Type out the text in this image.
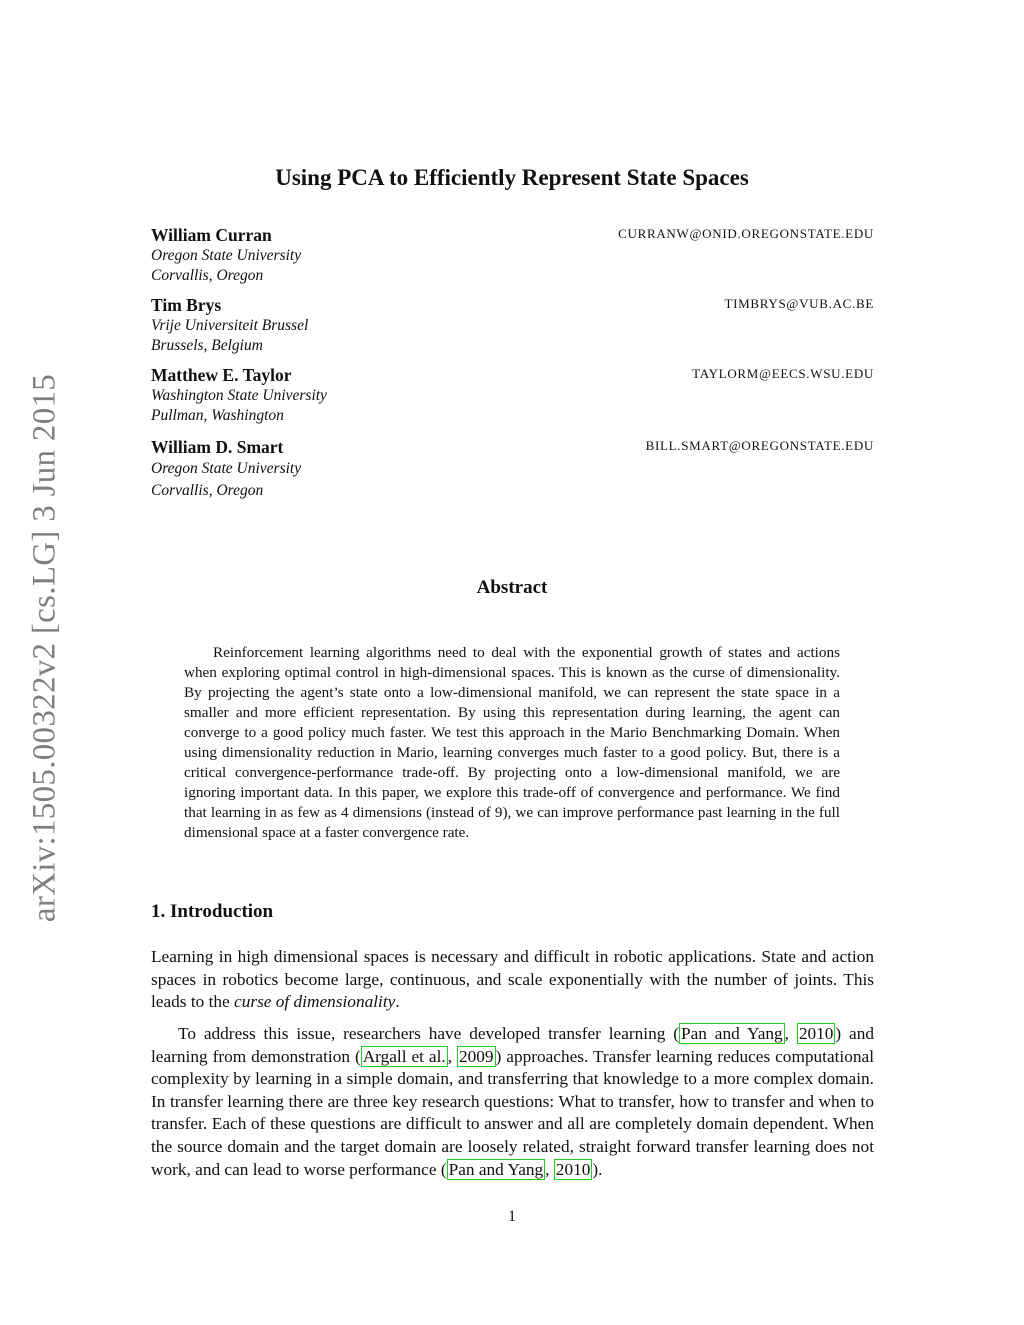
arXiv:1505.00322v2 [cs.LG] 3 Jun 2015
Using PCA to Efficiently Represent State Spaces
William Curran
Oregon State University
Corvallis, Oregon
CURRANW@ONID.OREGONSTATE.EDU
Tim Brys
Vrije Universiteit Brussel
Brussels, Belgium
TIMBRYS@VUB.AC.BE
Matthew E. Taylor
Washington State University
Pullman, Washington
TAYLORM@EECS.WSU.EDU
William D. Smart
Oregon State University
Corvallis, Oregon
BILL.SMART@OREGONSTATE.EDU
Abstract

Reinforcement learning algorithms need to deal with the exponential growth of states and actions when exploring optimal control in high-dimensional spaces. This is known as the curse of dimensionality. By projecting the agent’s state onto a low-dimensional manifold, we can represent the state space in a smaller and more efficient representation. By using this representation during learning, the agent can converge to a good policy much faster. We test this approach in the Mario Benchmarking Domain. When using dimensionality reduction in Mario, learning converges much faster to a good policy. But, there is a critical convergence-performance trade-off. By projecting onto a low-dimensional manifold, we are ignoring important data. In this paper, we explore this trade-off of convergence and performance. We find that learning in as few as 4 dimensions (instead of 9), we can improve performance past learning in the full dimensional space at a faster convergence rate.

1. Introduction

Learning in high dimensional spaces is necessary and difficult in robotic applications. State and action spaces in robotics become large, continuous, and scale exponentially with the number of joints. This leads to the curse of dimensionality.

To address this issue, researchers have developed transfer learning ( Pan and Yang , 2010 ) and learning from demonstration ( Argall et al. , 2009 ) approaches. Transfer learning reduces computational complexity by learning in a simple domain, and transferring that knowledge to a more complex domain. In transfer learning there are three key research questions: What to transfer, how to transfer and when to transfer. Each of these questions are difficult to answer and all are completely domain dependent. When the source domain and the target domain are loosely related, straight forward transfer learning does not work, and can lead to worse performance ( Pan and Yang , 2010 ).

1
